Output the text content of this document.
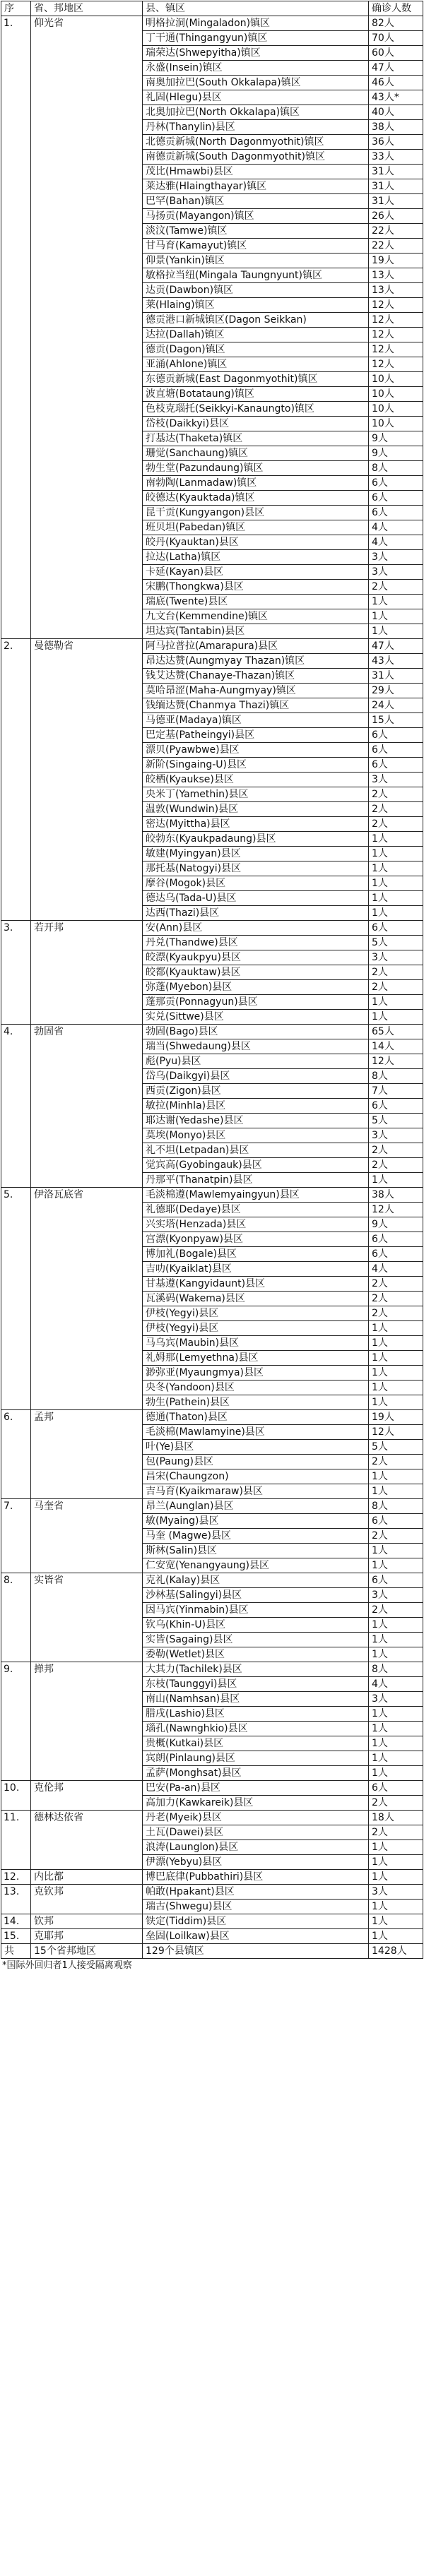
序	省、邦地区	县、镇区	确诊人数
1.	仰光省	明格拉洞(Mingaladon)镇区	82人
		丁干通(Thingangyun)镇区	70人
		瑞荣达(Shwepyitha)镇区	60人
		永盛(Insein)镇区	47人
		南奥加拉巴(South Okkalapa)镇区	46人
		礼固(Hlegu)县区	43人*
		北奥加拉巴(North Okkalapa)镇区	40人
		丹林(Thanylin)县区	38人
		北德贡新城(North Dagonmyothit)镇区	36人
		南德贡新城(South Dagonmyothit)镇区	33人
		茂比(Hmawbi)县区	31人
		莱达雅(Hlaingthayar)镇区	31人
		巴罕(Bahan)镇区	31人
		马扬贡(Mayangon)镇区	26人
		淡汶(Tamwe)镇区	22人
		甘马育(Kamayut)镇区	22人
		仰景(Yankin)镇区	19人
		敏格拉当纽(Mingala Taungnyunt)镇区	13人
		达贡(Dawbon)镇区	13人
		莱(Hlaing)镇区	12人
		德贡港口新城镇区(Dagon Seikkan)	12人
		达拉(Dallah)镇区	12人
		德贡(Dagon)镇区	12人
		亚涌(Ahlone)镇区	12人
		东德贡新城(East Dagonmyothit)镇区	10人
		波直塘(Botataung)镇区	10人
		色枝克瑙托(Seikkyi-Kanaungto)镇区	10人
		岱枝(Daikkyi)县区	10人
		打基达(Thaketa)镇区	9人
		珊觉(Sanchaung)镇区	9人
		勃生堂(Pazundaung)镇区	8人
		南勃陶(Lanmadaw)镇区	6人
		皎德达(Kyauktada)镇区	6人
		昆干贡(Kungyangon)县区	6人
		班贝坦(Pabedan)镇区	4人
		皎丹(Kyauktan)县区	4人
		拉达(Latha)镇区	3人
		卡延(Kayan)县区	3人
		宋鹏(Thongkwa)县区	2人
		瑞底(Twente)县区	1人
		九文台(Kemmendine)镇区	1人
		坦达宾(Tantabin)县区	1人
2.	曼德勒省	阿马拉普拉(Amarapura)县区	47人
		昂达达赞(Aungmyay Thazan)镇区	43人
		钱艾达赞(Chanaye-Thazan)镇区	31人
		莫哈昂涩(Maha-Aungmyay)镇区	29人
		钱缅达赞(Chanmya Thazi)镇区	24人
		马德亚(Madaya)镇区	15人
		巴定基(Patheingyi)县区	6人
		漂贝(Pyawbwe)县区	6人
		新阶(Singaing-U)县区	6人
		皎栖(Kyaukse)县区	3人
		央米丁(Yamethin)县区	2人
		温敦(Wundwin)县区	2人
		密达(Myittha)县区	2人
		皎勃东(Kyaukpadaung)县区	1人
		敏建(Myingyan)县区	1人
		那托基(Natogyi)县区	1人
		摩谷(Mogok)县区	1人
		德达乌(Tada-U)县区	1人
		达西(Thazi)县区	1人
3.	若开邦	安(Ann)县区	6人
		丹兑(Thandwe)县区	5人
		皎漂(Kyaukpyu)县区	3人
		皎都(Kyauktaw)县区	2人
		弥蓬(Myebon)县区	2人
		蓬那贡(Ponnagyun)县区	1人
		实兑(Sittwe)县区	1人
4.	勃固省	勃固(Bago)县区	65人
		瑞当(Shwedaung)县区	14人
		彪(Pyu)县区	12人
		岱乌(Daikgyi)县区	8人
		西贡(Zigon)县区	7人
		敏拉(Minhla)县区	6人
		耶达谢(Yedashe)县区	5人
		莫埃(Monyo)县区	3人
		礼不坦(Letpadan)县区	2人
		觉宾高(Gyobingauk)县区	2人
		丹那平(Thanatpin)县区	1人
5.	伊洛瓦底省	毛淡棉遵(Mawlemyaingyun)县区	38人
		礼德耶(Dedaye)县区	12人
		兴实塔(Henzada)县区	9人
		宫漂(Kyonpyaw)县区	6人
		博加礼(Bogale)县区	6人
		吉叻(Kyaiklat)县区	4人
		甘基遵(Kangyidaunt)县区	2人
		瓦溪码(Wakema)县区	2人
		伊枝(Yegyi)县区	2人
		伊枝(Yegyi)县区	1人
		马乌宾(Maubin)县区	1人
		礼姆那(Lemyethna)县区	1人
		渺弥亚(Myaungmya)县区	1人
		央冬(Yandoon)县区	1人
		勃生(Pathein)县区	1人
6.	孟邦	德通(Thaton)县区	19人
		毛淡棉(Mawlamyine)县区	12人
		叶(Ye)县区	5人
		包(Paung)县区	2人
		昌宋(Chaungzon)	1人
		吉马育(Kyaikmaraw)县区	1人
7.	马奎省	昂兰(Aunglan)县区	8人
		敏(Myaing)县区	6人
		马奎 (Magwe)县区	2人
		斯林(Salin)县区	1人
		仁安宽(Yenangyaung)县区	1人
8.	实皆省	克礼(Kalay)县区	6人
		沙林基(Salingyi)县区	3人
		因马宾(Yinmabin)县区	2人
		钦乌(Khin-U)县区	1人
		实皆(Sagaing)县区	1人
		委勒(Wetlet)县区	1人
9.	掸邦	大其力(Tachilek)县区	8人
		东枝(Taunggyi)县区	4人
		南山(Namhsan)县区	3人
		腊戌(Lashio)县区	1人
		瑙孔(Nawnghkio)县区	1人
		贵概(Kutkai)县区	1人
		宾朗(Pinlaung)县区	1人
		孟萨(Monghsat)县区	1人
10.	克伦邦	巴安(Pa-an)县区	6人
		高加力(Kawkareik)县区	2人
11.	德林达依省	丹老(Myeik)县区	18人
		土瓦(Dawei)县区	2人
		浪涛(Launglon)县区	1人
		伊漂(Yebyu)县区	1人
12.	内比都	博巴底律(Pubbathiri)县区	1人
13.	克钦邦	帕敢(Hpakant)县区	3人
		瑞古(Shwegu)县区	1人
14.	钦邦	铁定(Tiddim)县区	1人
15.	克耶邦	垒固(Loilkaw)县区	1人
共	15个省邦地区	129个县镇区	1428人
*国际外回归者1人接受隔离观察
